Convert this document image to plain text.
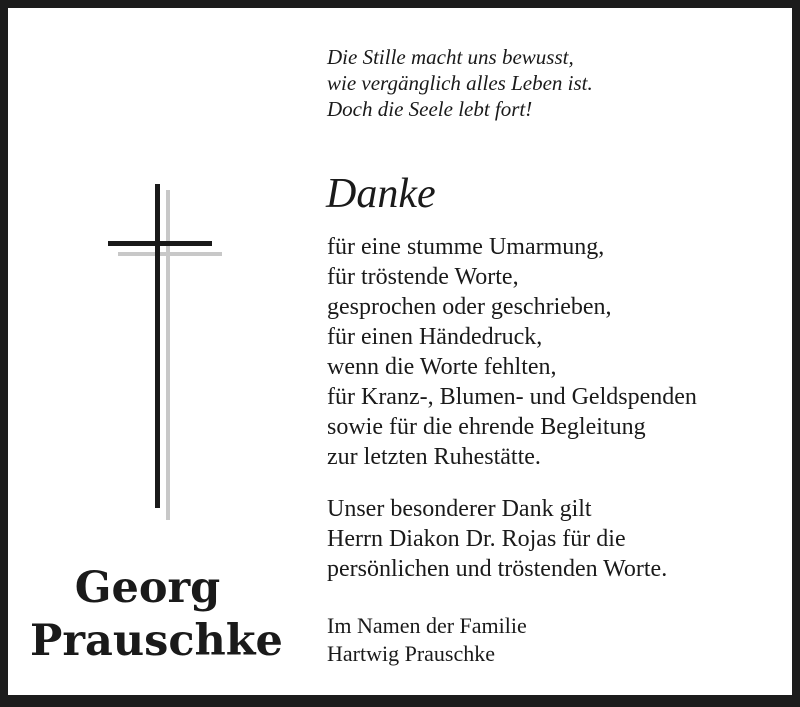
Die Stille macht uns bewusst,
wie vergänglich alles Leben ist.
Doch die Seele lebt fort!
Danke
für eine stumme Umarmung,
für tröstende Worte,
gesprochen oder geschrieben,
für einen Händedruck,
wenn die Worte fehlten,
für Kranz-, Blumen- und Geldspenden
sowie für die ehrende Begleitung
zur letzten Ruhestätte.
Unser besonderer Dank gilt
Herrn Diakon Dr. Rojas für die
persönlichen und tröstenden Worte.
Georg
Prauschke Im Namen der Familie
Hartwig Prauschke
